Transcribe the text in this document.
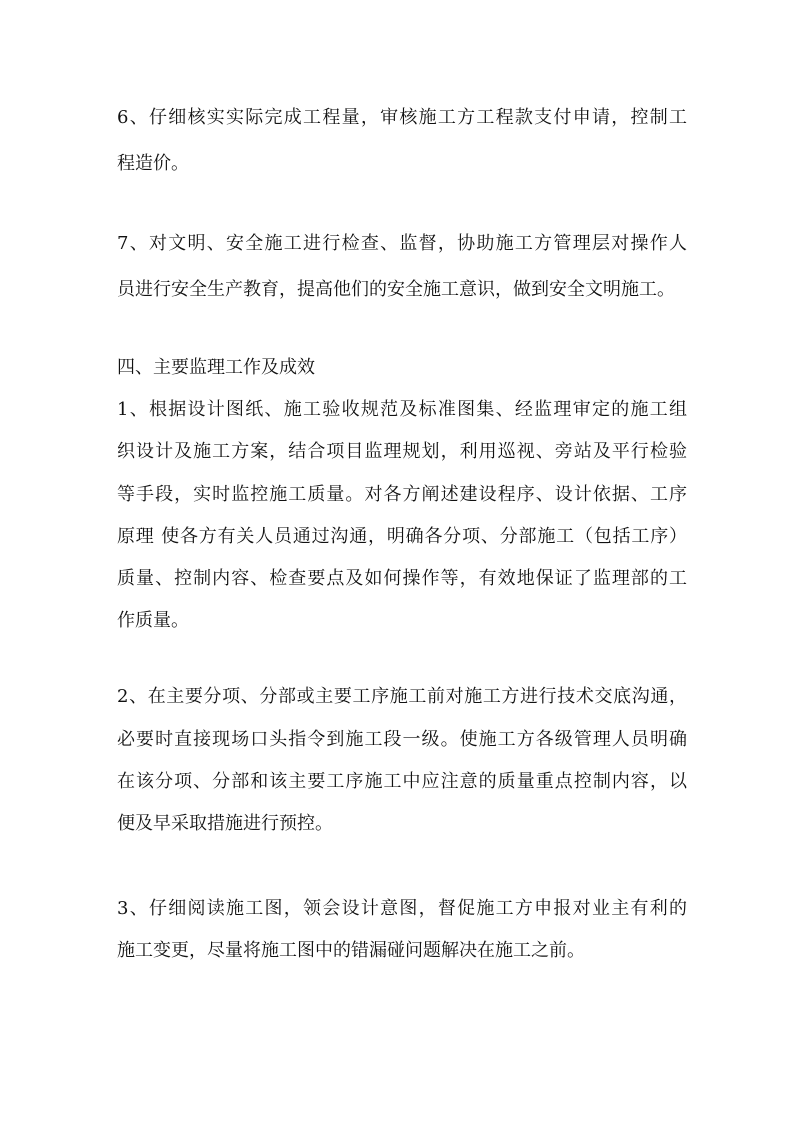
6、仔细核实实际完成工程量，审核施工方工程款支付申请，控制工
程造价。
7、对文明、安全施工进行检查、监督，协助施工方管理层对操作人
员进行安全生产教育，提高他们的安全施工意识，做到安全文明施工。
四、主要监理工作及成效
1、根据设计图纸、施工验收规范及标准图集、经监理审定的施工组
织设计及施工方案，结合项目监理规划，利用巡视、旁站及平行检验
等手段，实时监控施工质量。对各方阐述建设程序、设计依据、工序
原理 使各方有关人员通过沟通，明确各分项、分部施工（包括工序）
质量、控制内容、检查要点及如何操作等，有效地保证了监理部的工
作质量。
2、在主要分项、分部或主要工序施工前对施工方进行技术交底沟通，
必要时直接现场口头指令到施工段一级。使施工方各级管理人员明确
在该分项、分部和该主要工序施工中应注意的质量重点控制内容，以
便及早采取措施进行预控。
3、仔细阅读施工图，领会设计意图，督促施工方申报对业主有利的
施工变更，尽量将施工图中的错漏碰问题解决在施工之前。
